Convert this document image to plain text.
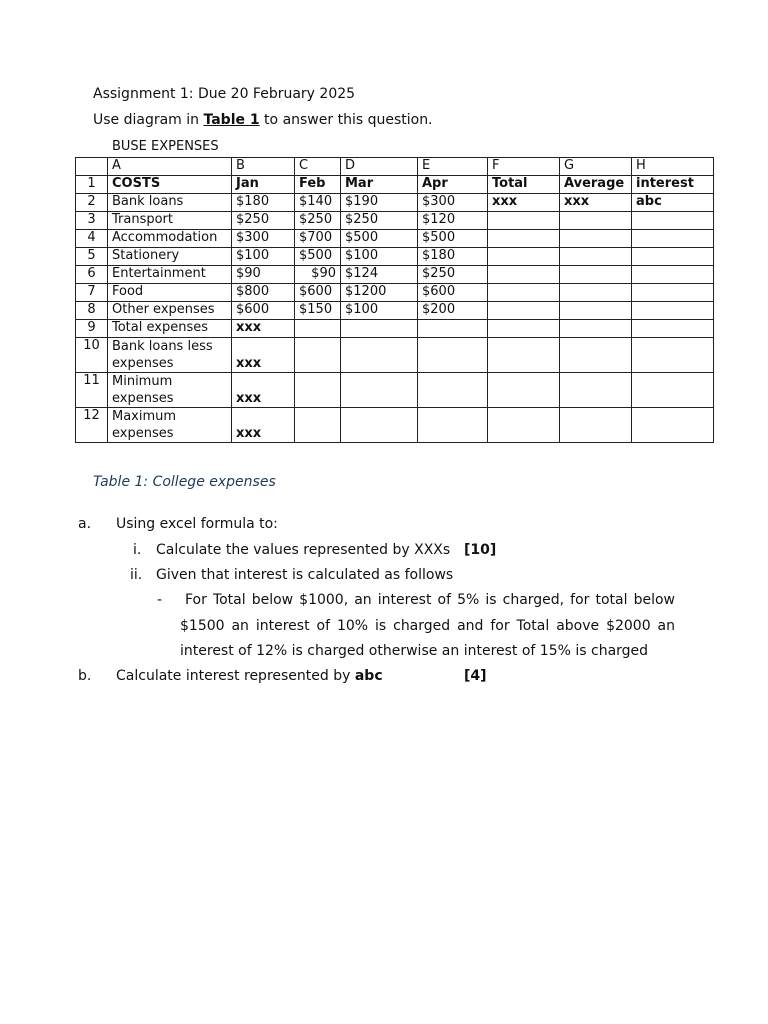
Assignment 1: Due 20 February 2025
Use diagram in Table 1 to answer this question.
BUSE EXPENSES
	A	B	C	D	E	F	G	H
1	COSTS	Jan	Feb	Mar	Apr	Total	Average	interest
2	Bank loans	$180	$140	$190	$300	xxx	xxx	abc
3	Transport	$250	$250	$250	$120			
4	Accommodation	$300	$700	$500	$500			
5	Stationery	$100	$500	$100	$180			
6	Entertainment	$90	$90	$124	$250			
7	Food	$800	$600	$1200	$600			
8	Other expenses	$600	$150	$100	$200			
9	Total expenses	xxx						
10	Bank loans less
expenses	xxx						
11	Minimum
expenses	xxx						
12	Maximum
expenses	xxx						
Table 1: College expenses
a. Using excel formula to:
i. Calculate the values represented by XXXs [10]
ii. Given that interest is calculated as follows
- For Total below $1000, an interest of 5% is charged, for total below
$1500 an interest of 10% is charged and for Total above $2000 an
interest of 12% is charged otherwise an interest of 15% is charged
b. Calculate interest represented by abc	[4]
